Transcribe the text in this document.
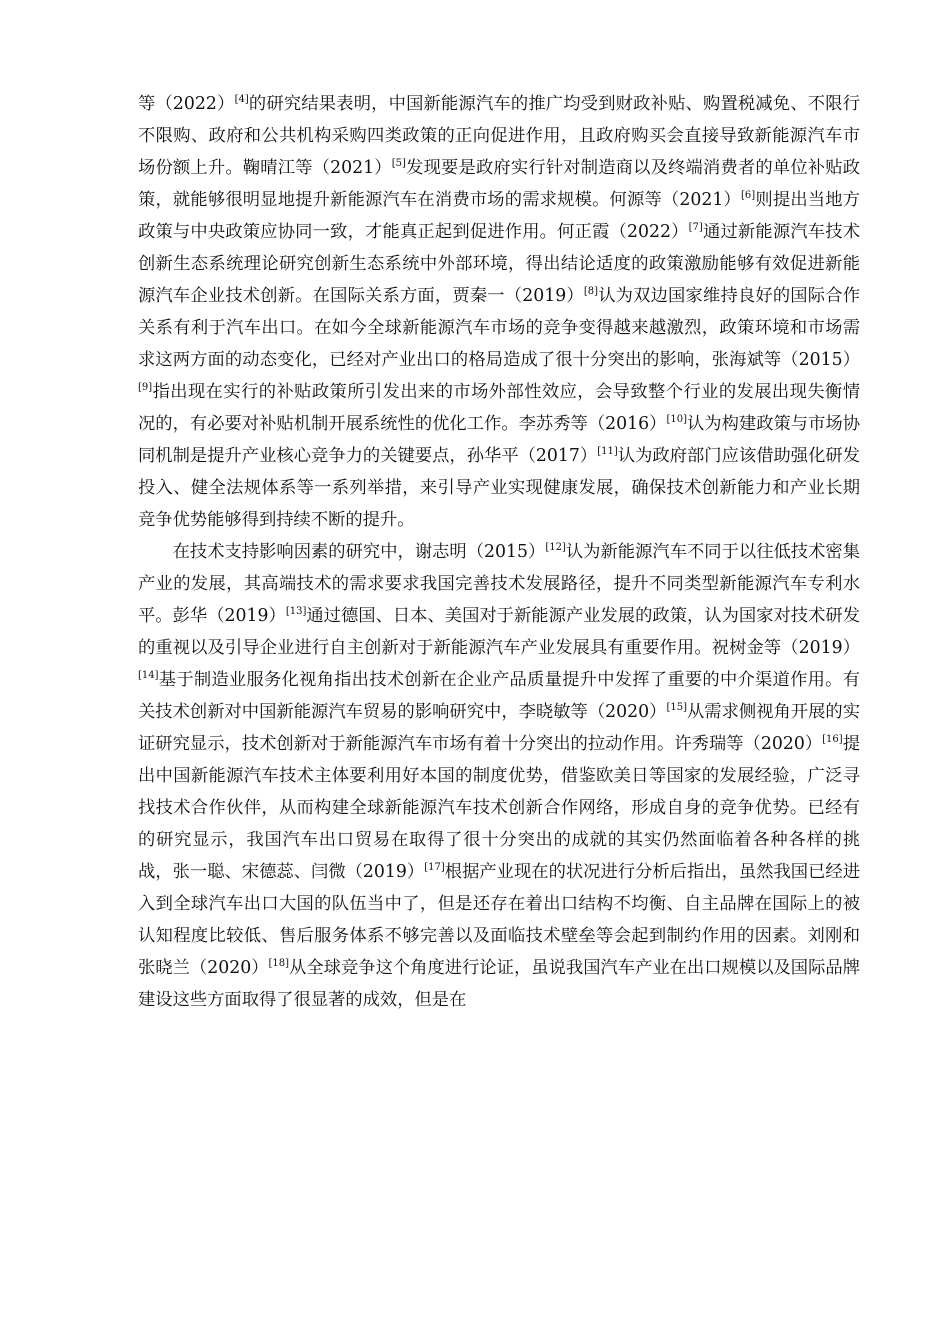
等（2022）[4]的研究结果表明，中国新能源汽车的推广均受到财政补贴、购置税减免、不限行不限购、政府和公共机构采购四类政策的正向促进作用，且政府购买会直接导致新能源汽车市场份额上升。鞠晴江等（2021）[5]发现要是政府实行针对制造商以及终端消费者的单位补贴政策，就能够很明显地提升新能源汽车在消费市场的需求规模。何源等（2021）[6]则提出当地方政策与中央政策应协同一致，才能真正起到促进作用。何正霞（2022）[7]通过新能源汽车技术创新生态系统理论研究创新生态系统中外部环境，得出结论适度的政策激励能够有效促进新能源汽车企业技术创新。在国际关系方面，贾秦一（2019）[8]认为双边国家维持良好的国际合作关系有利于汽车出口。在如今全球新能源汽车市场的竞争变得越来越激烈，政策环境和市场需求这两方面的动态变化，已经对产业出口的格局造成了很十分突出的影响，张海斌等（2015）[9]指出现在实行的补贴政策所引发出来的市场外部性效应，会导致整个行业的发展出现失衡情况的，有必要对补贴机制开展系统性的优化工作。李苏秀等（2016）[10]认为构建政策与市场协同机制是提升产业核心竞争力的关键要点，孙华平（2017）[11]认为政府部门应该借助强化研发投入、健全法规体系等一系列举措，来引导产业实现健康发展，确保技术创新能力和产业长期竞争优势能够得到持续不断的提升。

在技术支持影响因素的研究中，谢志明（2015）[12]认为新能源汽车不同于以往低技术密集产业的发展，其高端技术的需求要求我国完善技术发展路径，提升不同类型新能源汽车专利水平。彭华（2019）[13]通过德国、日本、美国对于新能源产业发展的政策，认为国家对技术研发的重视以及引导企业进行自主创新对于新能源汽车产业发展具有重要作用。祝树金等（2019）[14]基于制造业服务化视角指出技术创新在企业产品质量提升中发挥了重要的中介渠道作用。有关技术创新对中国新能源汽车贸易的影响研究中，李晓敏等（2020）[15]从需求侧视角开展的实证研究显示，技术创新对于新能源汽车市场有着十分突出的拉动作用。许秀瑞等（2020）[16]提出中国新能源汽车技术主体要利用好本国的制度优势，借鉴欧美日等国家的发展经验，广泛寻找技术合作伙伴，从而构建全球新能源汽车技术创新合作网络，形成自身的竞争优势。已经有的研究显示，我国汽车出口贸易在取得了很十分突出的成就的其实仍然面临着各种各样的挑战，张一聪、宋德蕊、闫微（2019）[17]根据产业现在的状况进行分析后指出，虽然我国已经进入到全球汽车出口大国的队伍当中了，但是还存在着出口结构不均衡、自主品牌在国际上的被认知程度比较低、售后服务体系不够完善以及面临技术壁垒等会起到制约作用的因素。刘刚和张晓兰（2020）[18]从全球竞争这个角度进行论证，虽说我国汽车产业在出口规模以及国际品牌建设这些方面取得了很显著的成效，但是在
